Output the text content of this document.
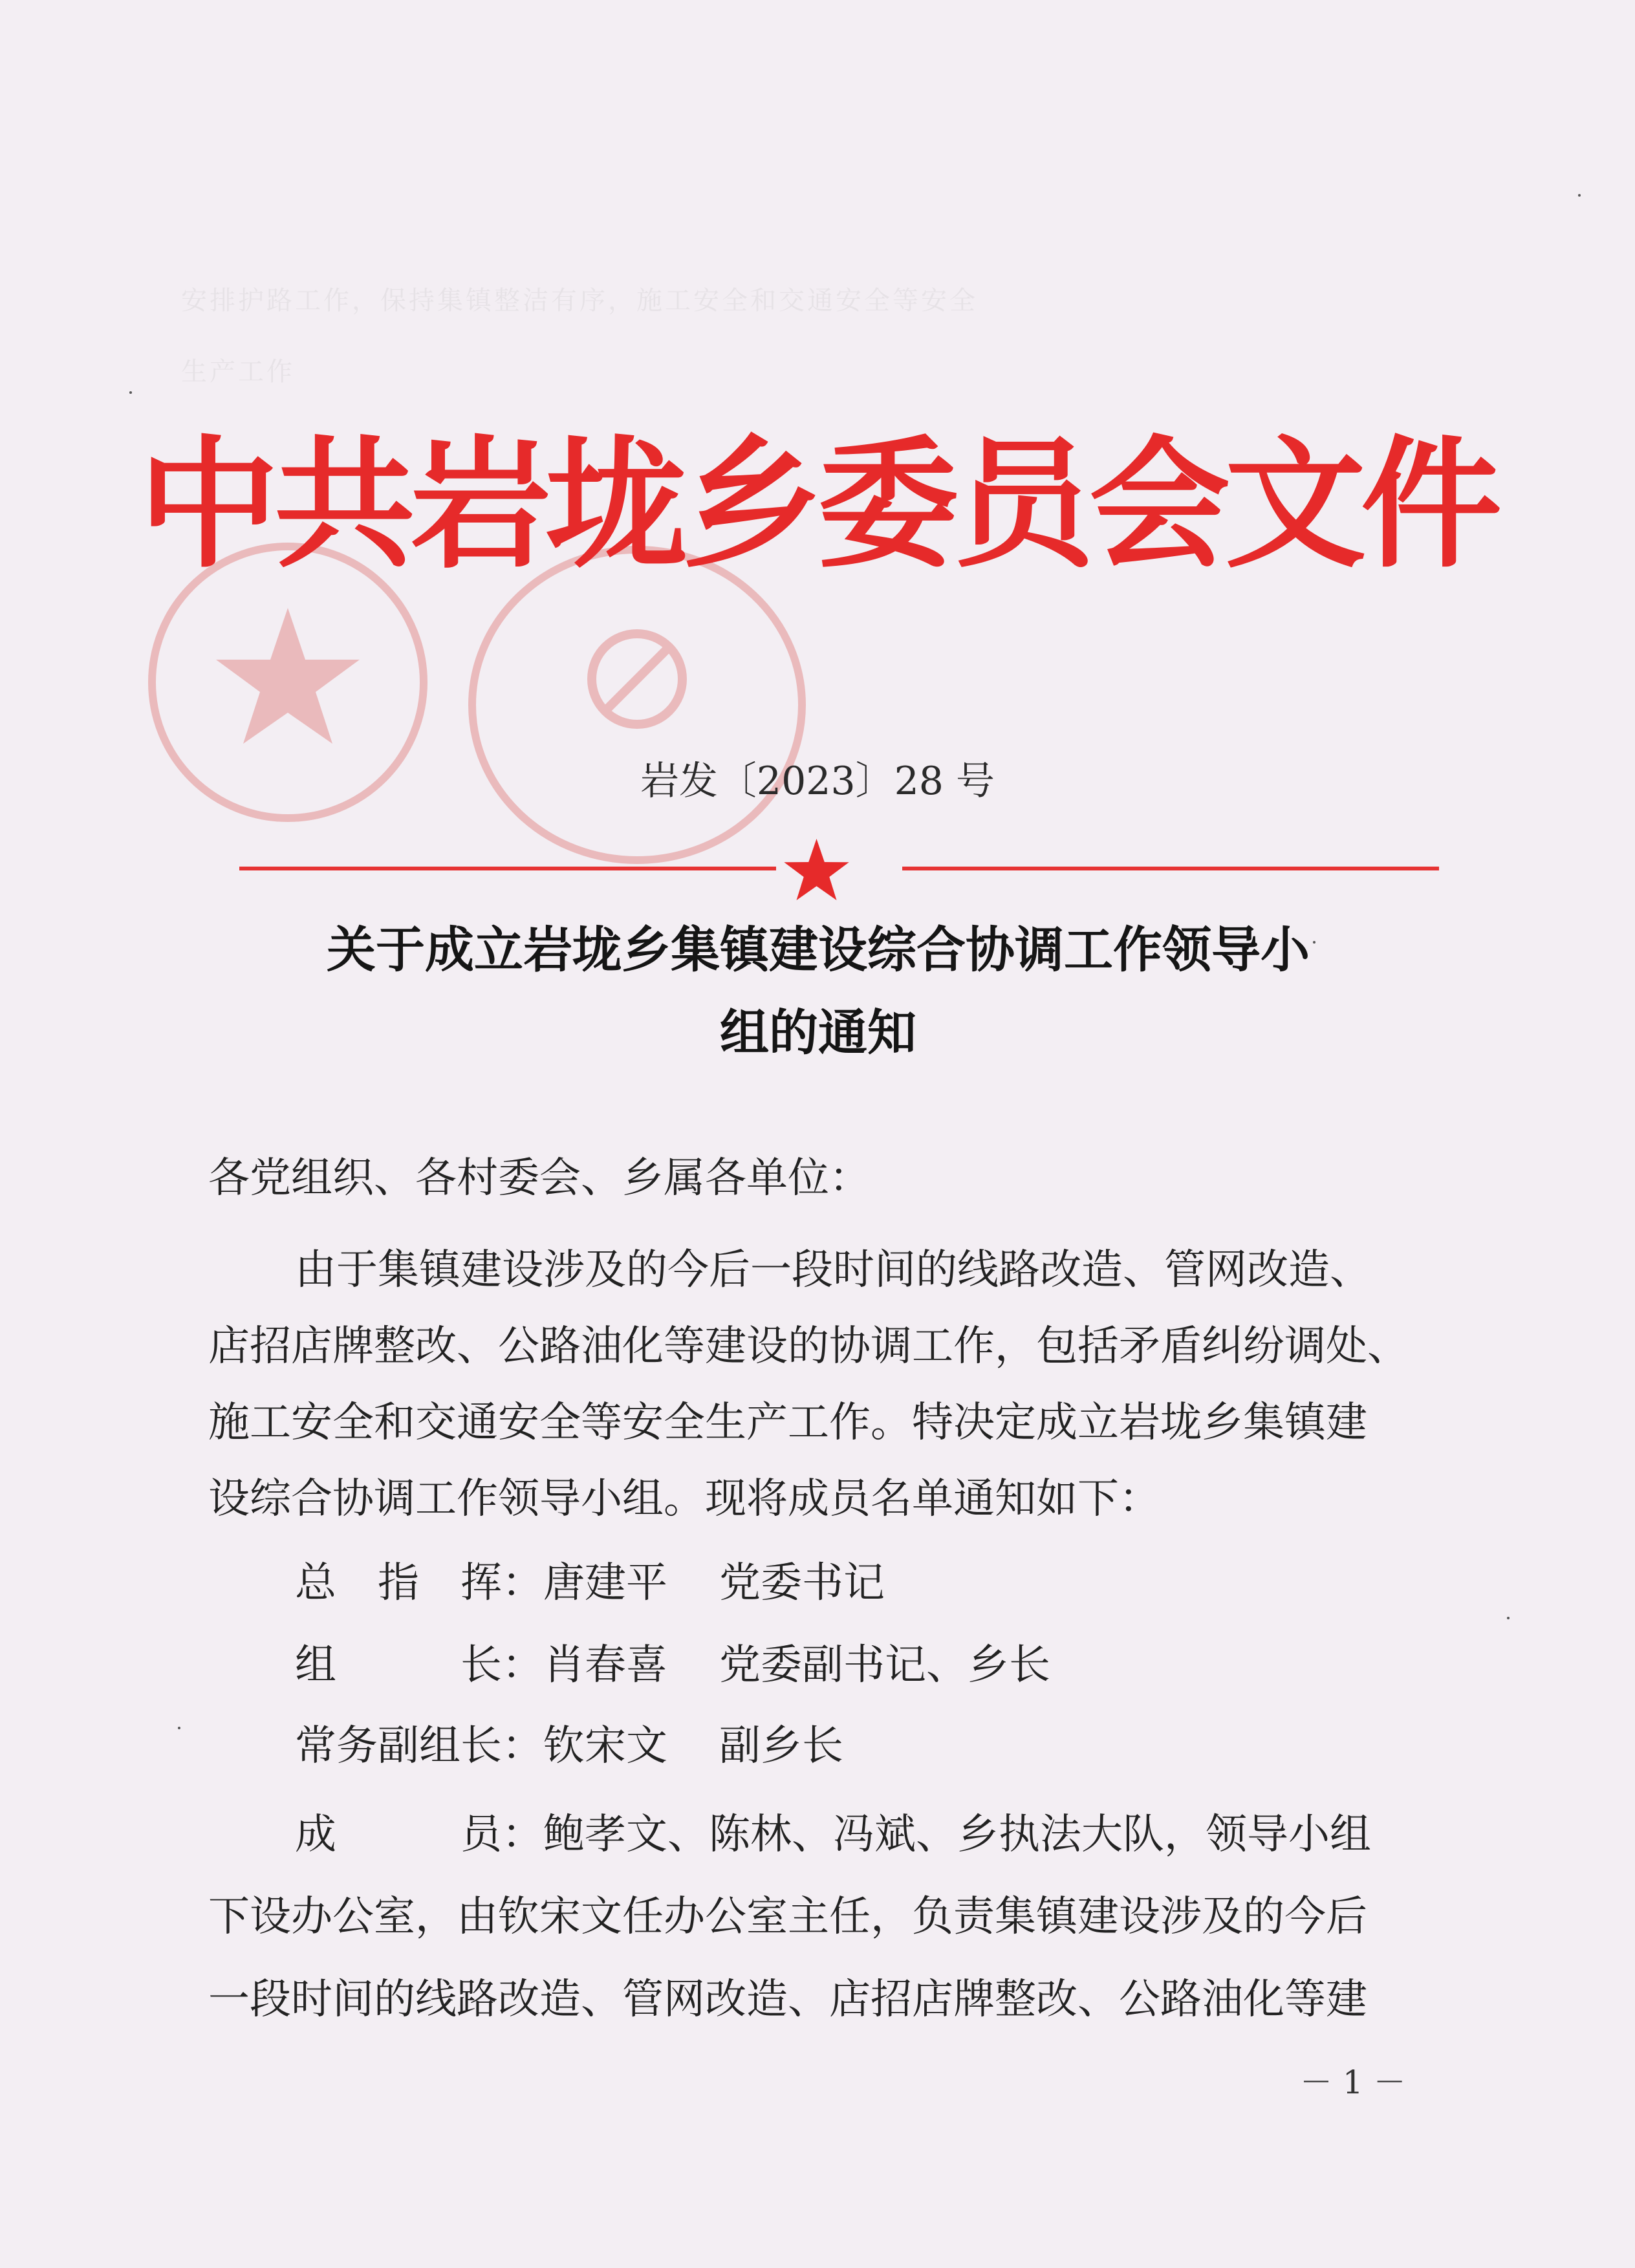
安排护路工作，保持集镇整洁有序，施工安全和交通安全等安全
生产工作
中共岩垅乡委员会文件
岩发〔2023〕28 号
关于成立岩垅乡集镇建设综合协调工作领导小
组的通知
各党组织、各村委会、乡属各单位：
由于集镇建设涉及的今后一段时间的线路改造、管网改造、
店招店牌整改、公路油化等建设的协调工作，包括矛盾纠纷调处、
施工安全和交通安全等安全生产工作。特决定成立岩垅乡集镇建
设综合协调工作领导小组。现将成员名单通知如下：
总　指　挥：唐建平 党委书记
组　　　长：肖春喜 党委副书记、乡长
常务副组长：钦宋文 副乡长
成　　　员：鲍孝文、陈林、冯斌、乡执法大队，领导小组
下设办公室，由钦宋文任办公室主任，负责集镇建设涉及的今后
一段时间的线路改造、管网改造、店招店牌整改、公路油化等建
－ 1 －
